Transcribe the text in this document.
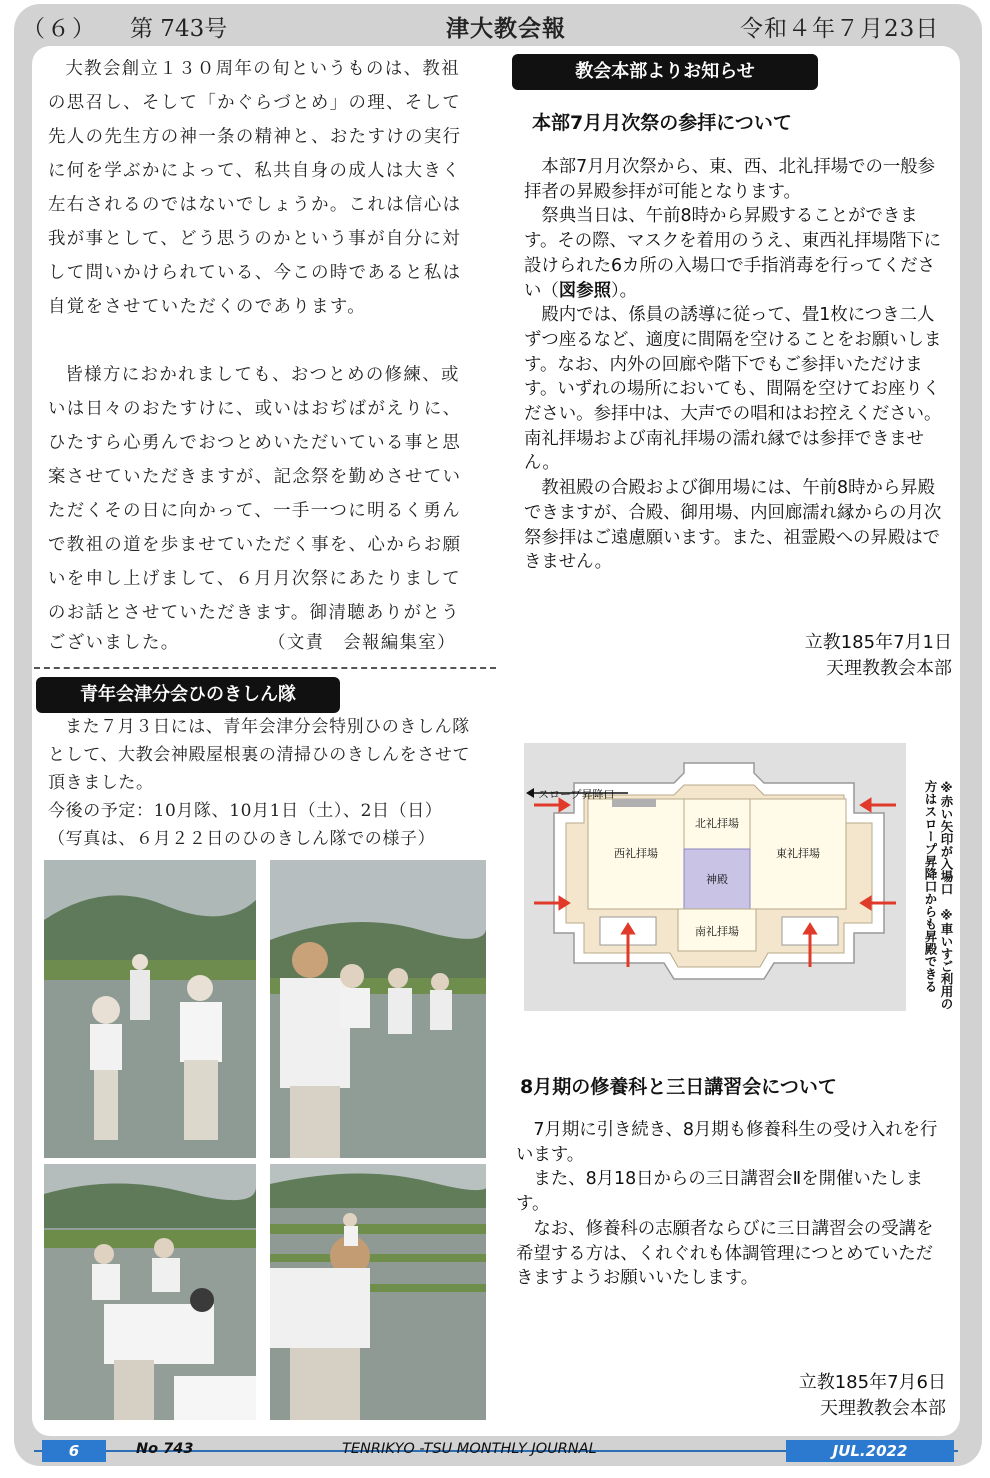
（６） 第 743号	津大教会報	令和４年７月23日

大教会創立１３０周年の旬というものは、教祖の思召し、そして「かぐらづとめ」の理、そして先人の先生方の神一条の精神と、おたすけの実行に何を学ぶかによって、私共自身の成人は大きく左右されるのではないでしょうか。これは信心は我が事として、どう思うのかという事が自分に対して問いかけられている、今この時であると私は自覚をさせていただくのであります。

皆様方におかれましても、おつとめの修練、或いは日々のおたすけに、或いはおぢばがえりに、ひたすら心勇んでおつとめいただいている事と思案させていただきますが、記念祭を勤めさせていただくその日に向かって、一手一つに明るく勇んで教祖の道を歩ませていただく事を、心からお願いを申し上げまして、６月月次祭にあたりましてのお話とさせていただきます。御清聴ありがとう

ございました。	（文責　会報編集室）
青年会津分会ひのきしん隊
また７月３日には、青年会津分会特別ひのきしん隊として、大教会神殿屋根裏の清掃ひのきしんをさせて頂きました。
今後の予定：10月隊、10月1日（土）、2日（日）
（写真は、６月２２日のひのきしん隊での様子）
教会本部よりお知らせ
本部7月月次祭の参拝について

本部7月月次祭から、東、西、北礼拝場での一般参拝者の昇殿参拝が可能となります。

祭典当日は、午前8時から昇殿することができます。その際、マスクを着用のうえ、東西礼拝場階下に設けられた6カ所の入場口で手指消毒を行ってください（図参照）。

殿内では、係員の誘導に従って、畳1枚につき二人ずつ座るなど、適度に間隔を空けることをお願いします。なお、内外の回廊や階下でもご参拝いただけます。いずれの場所においても、間隔を空けてお座りください。参拝中は、大声での唱和はお控えください。南礼拝場および南礼拝場の濡れ縁では参拝できません。

教祖殿の合殿および御用場には、午前8時から昇殿できますが、合殿、御用場、内回廊濡れ縁からの月次祭参拝はご遠慮願います。また、祖霊殿への昇殿はできません。

立教185年7月1日
天理教教会本部
スロープ昇降口
北礼拝場
西礼拝場	東礼拝場
神殿
南礼拝場	※赤い矢印が入場口　※車いすご利用の方はスロープ昇降口からも昇殿できる
8月期の修養科と三日講習会について

7月期に引き続き、8月期も修養科生の受け入れを行います。

また、8月18日からの三日講習会Ⅱを開催いたします。

なお、修養科の志願者ならびに三日講習会の受講を希望する方は、くれぐれも体調管理につとめていただきますようお願いいたします。

立教185年7月6日
天理教教会本部
6	No 743	TENRIKYO -TSU MONTHLY JOURNAL	JUL.2022
